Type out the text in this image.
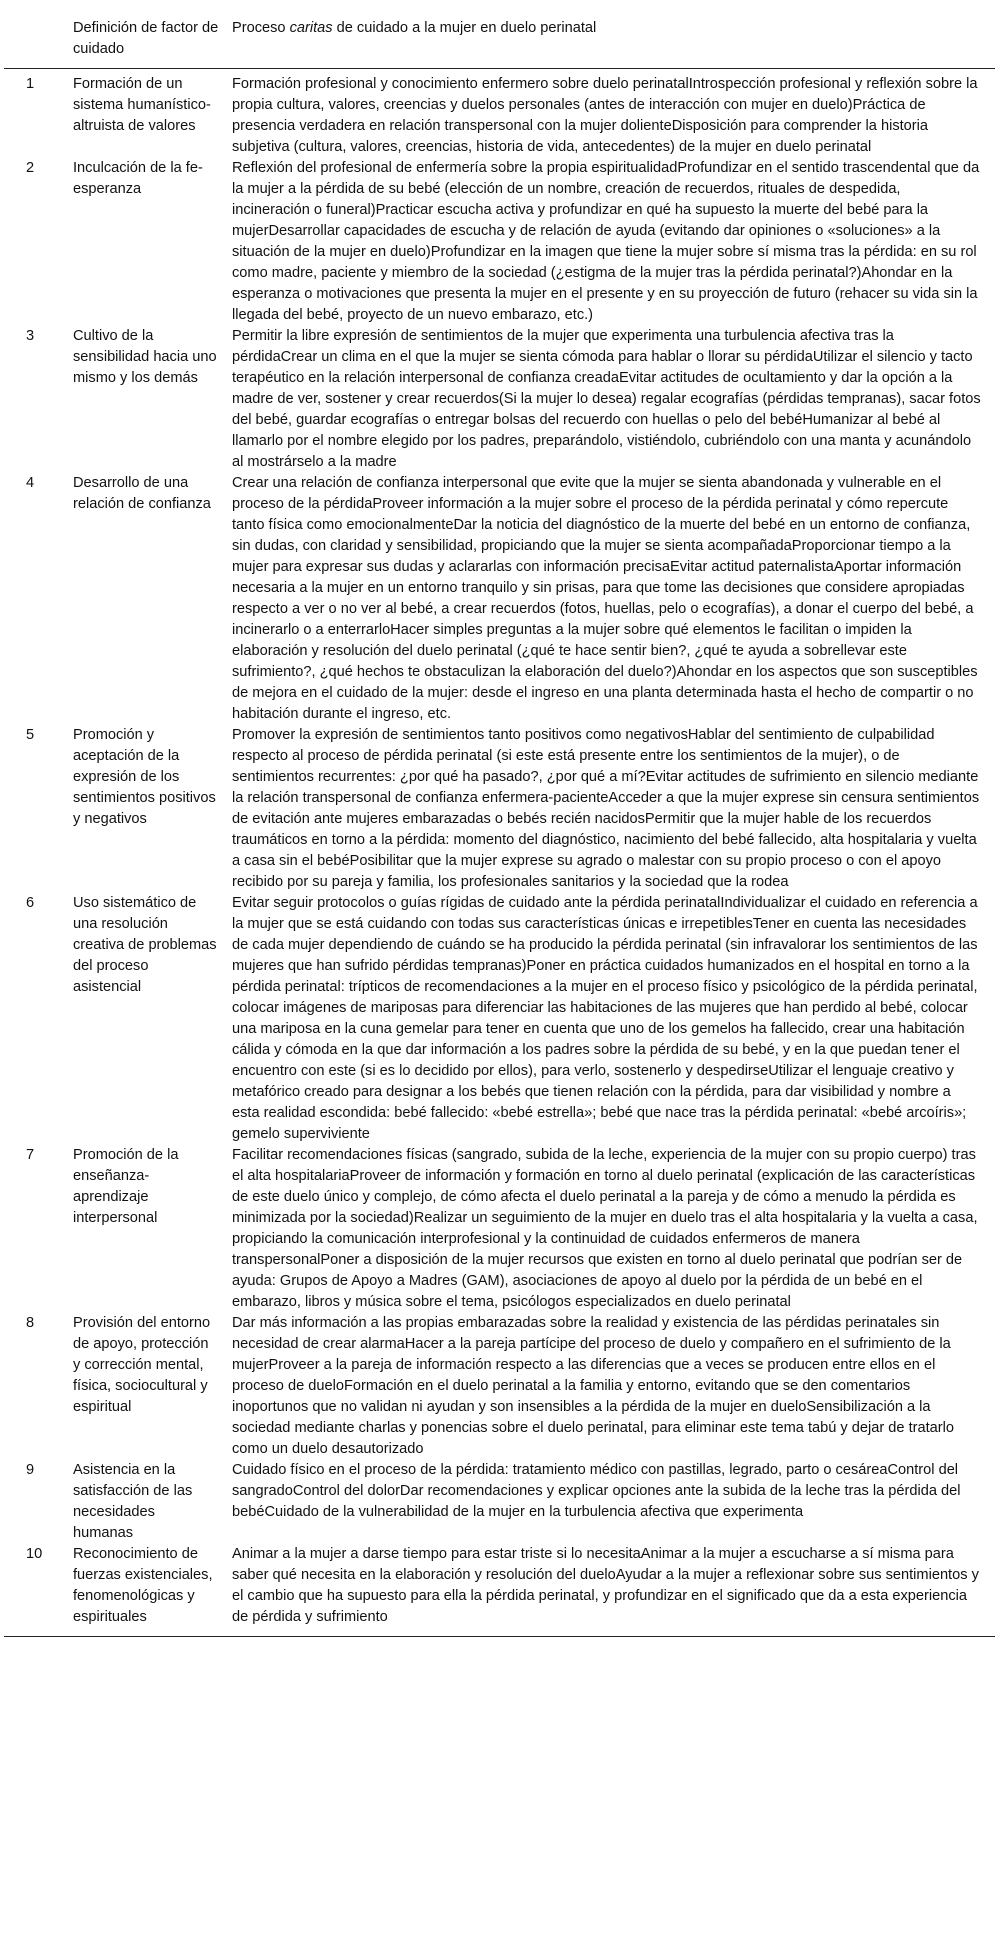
	Definición de factor de cuidado	Proceso caritas de cuidado a la mujer en duelo perinatal
1	Formación de un sistema humanístico-altruista de valores	Formación profesional y conocimiento enfermero sobre duelo perinatalIntrospección profesional y reflexión sobre la propia cultura, valores, creencias y duelos personales (antes de interacción con mujer en duelo)Práctica de presencia verdadera en relación transpersonal con la mujer dolienteDisposición para comprender la historia subjetiva (cultura, valores, creencias, historia de vida, antecedentes) de la mujer en duelo perinatal
2	Inculcación de la fe-esperanza	Reflexión del profesional de enfermería sobre la propia espiritualidadProfundizar en el sentido trascendental que da la mujer a la pérdida de su bebé (elección de un nombre, creación de recuerdos, rituales de despedida, incineración o funeral)Practicar escucha activa y profundizar en qué ha supuesto la muerte del bebé para la mujerDesarrollar capacidades de escucha y de relación de ayuda (evitando dar opiniones o «soluciones» a la situación de la mujer en duelo)Profundizar en la imagen que tiene la mujer sobre sí misma tras la pérdida: en su rol como madre, paciente y miembro de la sociedad (¿estigma de la mujer tras la pérdida perinatal?)Ahondar en la esperanza o motivaciones que presenta la mujer en el presente y en su proyección de futuro (rehacer su vida sin la llegada del bebé, proyecto de un nuevo embarazo, etc.)
3	Cultivo de la sensibilidad hacia uno mismo y los demás	Permitir la libre expresión de sentimientos de la mujer que experimenta una turbulencia afectiva tras la pérdidaCrear un clima en el que la mujer se sienta cómoda para hablar o llorar su pérdidaUtilizar el silencio y tacto terapéutico en la relación interpersonal de confianza creadaEvitar actitudes de ocultamiento y dar la opción a la madre de ver, sostener y crear recuerdos(Si la mujer lo desea) regalar ecografías (pérdidas tempranas), sacar fotos del bebé, guardar ecografías o entregar bolsas del recuerdo con huellas o pelo del bebéHumanizar al bebé al llamarlo por el nombre elegido por los padres, preparándolo, vistiéndolo, cubriéndolo con una manta y acunándolo al mostrárselo a la madre
4	Desarrollo de una relación de confianza	Crear una relación de confianza interpersonal que evite que la mujer se sienta abandonada y vulnerable en el proceso de la pérdidaProveer información a la mujer sobre el proceso de la pérdida perinatal y cómo repercute tanto física como emocionalmenteDar la noticia del diagnóstico de la muerte del bebé en un entorno de confianza, sin dudas, con claridad y sensibilidad, propiciando que la mujer se sienta acompañadaProporcionar tiempo a la mujer para expresar sus dudas y aclararlas con información precisaEvitar actitud paternalistaAportar información necesaria a la mujer en un entorno tranquilo y sin prisas, para que tome las decisiones que considere apropiadas respecto a ver o no ver al bebé, a crear recuerdos (fotos, huellas, pelo o ecografías), a donar el cuerpo del bebé, a incinerarlo o a enterrarloHacer simples preguntas a la mujer sobre qué elementos le facilitan o impiden la elaboración y resolución del duelo perinatal (¿qué te hace sentir bien?, ¿qué te ayuda a sobrellevar este sufrimiento?, ¿qué hechos te obstaculizan la elaboración del duelo?)Ahondar en los aspectos que son susceptibles de mejora en el cuidado de la mujer: desde el ingreso en una planta determinada hasta el hecho de compartir o no habitación durante el ingreso, etc.
5	Promoción y aceptación de la expresión de los sentimientos positivos y negativos	Promover la expresión de sentimientos tanto positivos como negativosHablar del sentimiento de culpabilidad respecto al proceso de pérdida perinatal (si este está presente entre los sentimientos de la mujer), o de sentimientos recurrentes: ¿por qué ha pasado?, ¿por qué a mí?Evitar actitudes de sufrimiento en silencio mediante la relación transpersonal de confianza enfermera-pacienteAcceder a que la mujer exprese sin censura sentimientos de evitación ante mujeres embarazadas o bebés recién nacidosPermitir que la mujer hable de los recuerdos traumáticos en torno a la pérdida: momento del diagnóstico, nacimiento del bebé fallecido, alta hospitalaria y vuelta a casa sin el bebéPosibilitar que la mujer exprese su agrado o malestar con su propio proceso o con el apoyo recibido por su pareja y familia, los profesionales sanitarios y la sociedad que la rodea
6	Uso sistemático de una resolución creativa de problemas del proceso asistencial	Evitar seguir protocolos o guías rígidas de cuidado ante la pérdida perinatalIndividualizar el cuidado en referencia a la mujer que se está cuidando con todas sus características únicas e irrepetiblesTener en cuenta las necesidades de cada mujer dependiendo de cuándo se ha producido la pérdida perinatal (sin infravalorar los sentimientos de las mujeres que han sufrido pérdidas tempranas)Poner en práctica cuidados humanizados en el hospital en torno a la pérdida perinatal: trípticos de recomendaciones a la mujer en el proceso físico y psicológico de la pérdida perinatal, colocar imágenes de mariposas para diferenciar las habitaciones de las mujeres que han perdido al bebé, colocar una mariposa en la cuna gemelar para tener en cuenta que uno de los gemelos ha fallecido, crear una habitación cálida y cómoda en la que dar información a los padres sobre la pérdida de su bebé, y en la que puedan tener el encuentro con este (si es lo decidido por ellos), para verlo, sostenerlo y despedirseUtilizar el lenguaje creativo y metafórico creado para designar a los bebés que tienen relación con la pérdida, para dar visibilidad y nombre a esta realidad escondida: bebé fallecido: «bebé estrella»; bebé que nace tras la pérdida perinatal: «bebé arcoíris»; gemelo superviviente
7	Promoción de la enseñanza-aprendizaje interpersonal	Facilitar recomendaciones físicas (sangrado, subida de la leche, experiencia de la mujer con su propio cuerpo) tras el alta hospitalariaProveer de información y formación en torno al duelo perinatal (explicación de las características de este duelo único y complejo, de cómo afecta el duelo perinatal a la pareja y de cómo a menudo la pérdida es minimizada por la sociedad)Realizar un seguimiento de la mujer en duelo tras el alta hospitalaria y la vuelta a casa, propiciando la comunicación interprofesional y la continuidad de cuidados enfermeros de manera transpersonalPoner a disposición de la mujer recursos que existen en torno al duelo perinatal que podrían ser de ayuda: Grupos de Apoyo a Madres (GAM), asociaciones de apoyo al duelo por la pérdida de un bebé en el embarazo, libros y música sobre el tema, psicólogos especializados en duelo perinatal
8	Provisión del entorno de apoyo, protección y corrección mental, física, sociocultural y espiritual	Dar más información a las propias embarazadas sobre la realidad y existencia de las pérdidas perinatales sin necesidad de crear alarmaHacer a la pareja partícipe del proceso de duelo y compañero en el sufrimiento de la mujerProveer a la pareja de información respecto a las diferencias que a veces se producen entre ellos en el proceso de dueloFormación en el duelo perinatal a la familia y entorno, evitando que se den comentarios inoportunos que no validan ni ayudan y son insensibles a la pérdida de la mujer en dueloSensibilización a la sociedad mediante charlas y ponencias sobre el duelo perinatal, para eliminar este tema tabú y dejar de tratarlo como un duelo desautorizado
9	Asistencia en la satisfacción de las necesidades humanas	Cuidado físico en el proceso de la pérdida: tratamiento médico con pastillas, legrado, parto o cesáreaControl del sangradoControl del dolorDar recomendaciones y explicar opciones ante la subida de la leche tras la pérdida del bebéCuidado de la vulnerabilidad de la mujer en la turbulencia afectiva que experimenta
10	Reconocimiento de fuerzas existenciales, fenomenológicas y espirituales	Animar a la mujer a darse tiempo para estar triste si lo necesitaAnimar a la mujer a escucharse a sí misma para saber qué necesita en la elaboración y resolución del dueloAyudar a la mujer a reflexionar sobre sus sentimientos y el cambio que ha supuesto para ella la pérdida perinatal, y profundizar en el significado que da a esta experiencia de pérdida y sufrimiento
